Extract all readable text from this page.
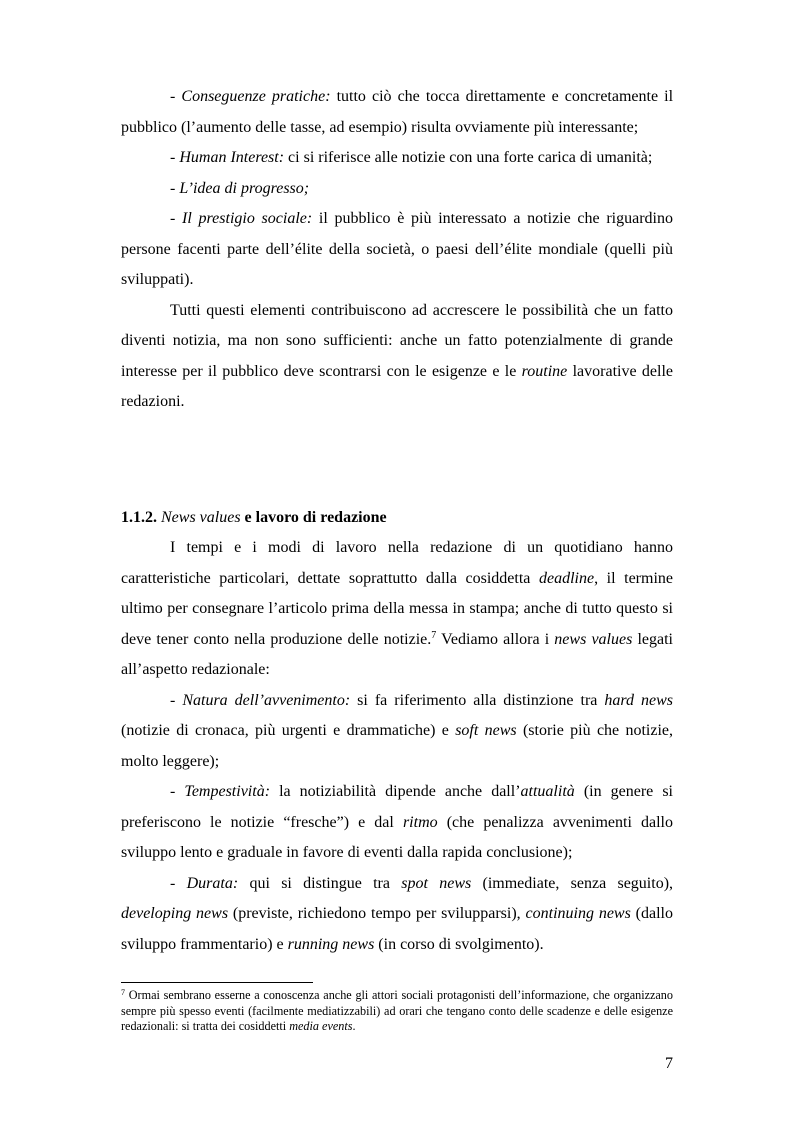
- Conseguenze pratiche: tutto ciò che tocca direttamente e concretamente il pubblico (l’aumento delle tasse, ad esempio) risulta ovviamente più interessante;

- Human Interest: ci si riferisce alle notizie con una forte carica di umanità;

- L’idea di progresso;

- Il prestigio sociale: il pubblico è più interessato a notizie che riguardino persone facenti parte dell’élite della società, o paesi dell’élite mondiale (quelli più sviluppati).

Tutti questi elementi contribuiscono ad accrescere le possibilità che un fatto diventi notizia, ma non sono sufficienti: anche un fatto potenzialmente di grande interesse per il pubblico deve scontrarsi con le esigenze e le routine lavorative delle redazioni.

1.1.2. News values e lavoro di redazione

I tempi e i modi di lavoro nella redazione di un quotidiano hanno caratteristiche particolari, dettate soprattutto dalla cosiddetta deadline, il termine ultimo per consegnare l’articolo prima della messa in stampa; anche di tutto questo si deve tener conto nella produzione delle notizie.$^7$ Vediamo allora i news values legati all’aspetto redazionale:

- Natura dell’avvenimento: si fa riferimento alla distinzione tra hard news (notizie di cronaca, più urgenti e drammatiche) e soft news (storie più che notizie, molto leggere);

- Tempestività: la notiziabilità dipende anche dall’attualità (in genere si preferiscono le notizie “fresche”) e dal ritmo (che penalizza avvenimenti dallo sviluppo lento e graduale in favore di eventi dalla rapida conclusione);

- Durata: qui si distingue tra spot news (immediate, senza seguito), developing news (previste, richiedono tempo per svilupparsi), continuing news (dallo sviluppo frammentario) e running news (in corso di svolgimento).

$^7$ Ormai sembrano esserne a conoscenza anche gli attori sociali protagonisti dell’informazione, che organizzano sempre più spesso eventi (facilmente mediatizzabili) ad orari che tengano conto delle scadenze e delle esigenze redazionali: si tratta dei cosiddetti media events.

7
